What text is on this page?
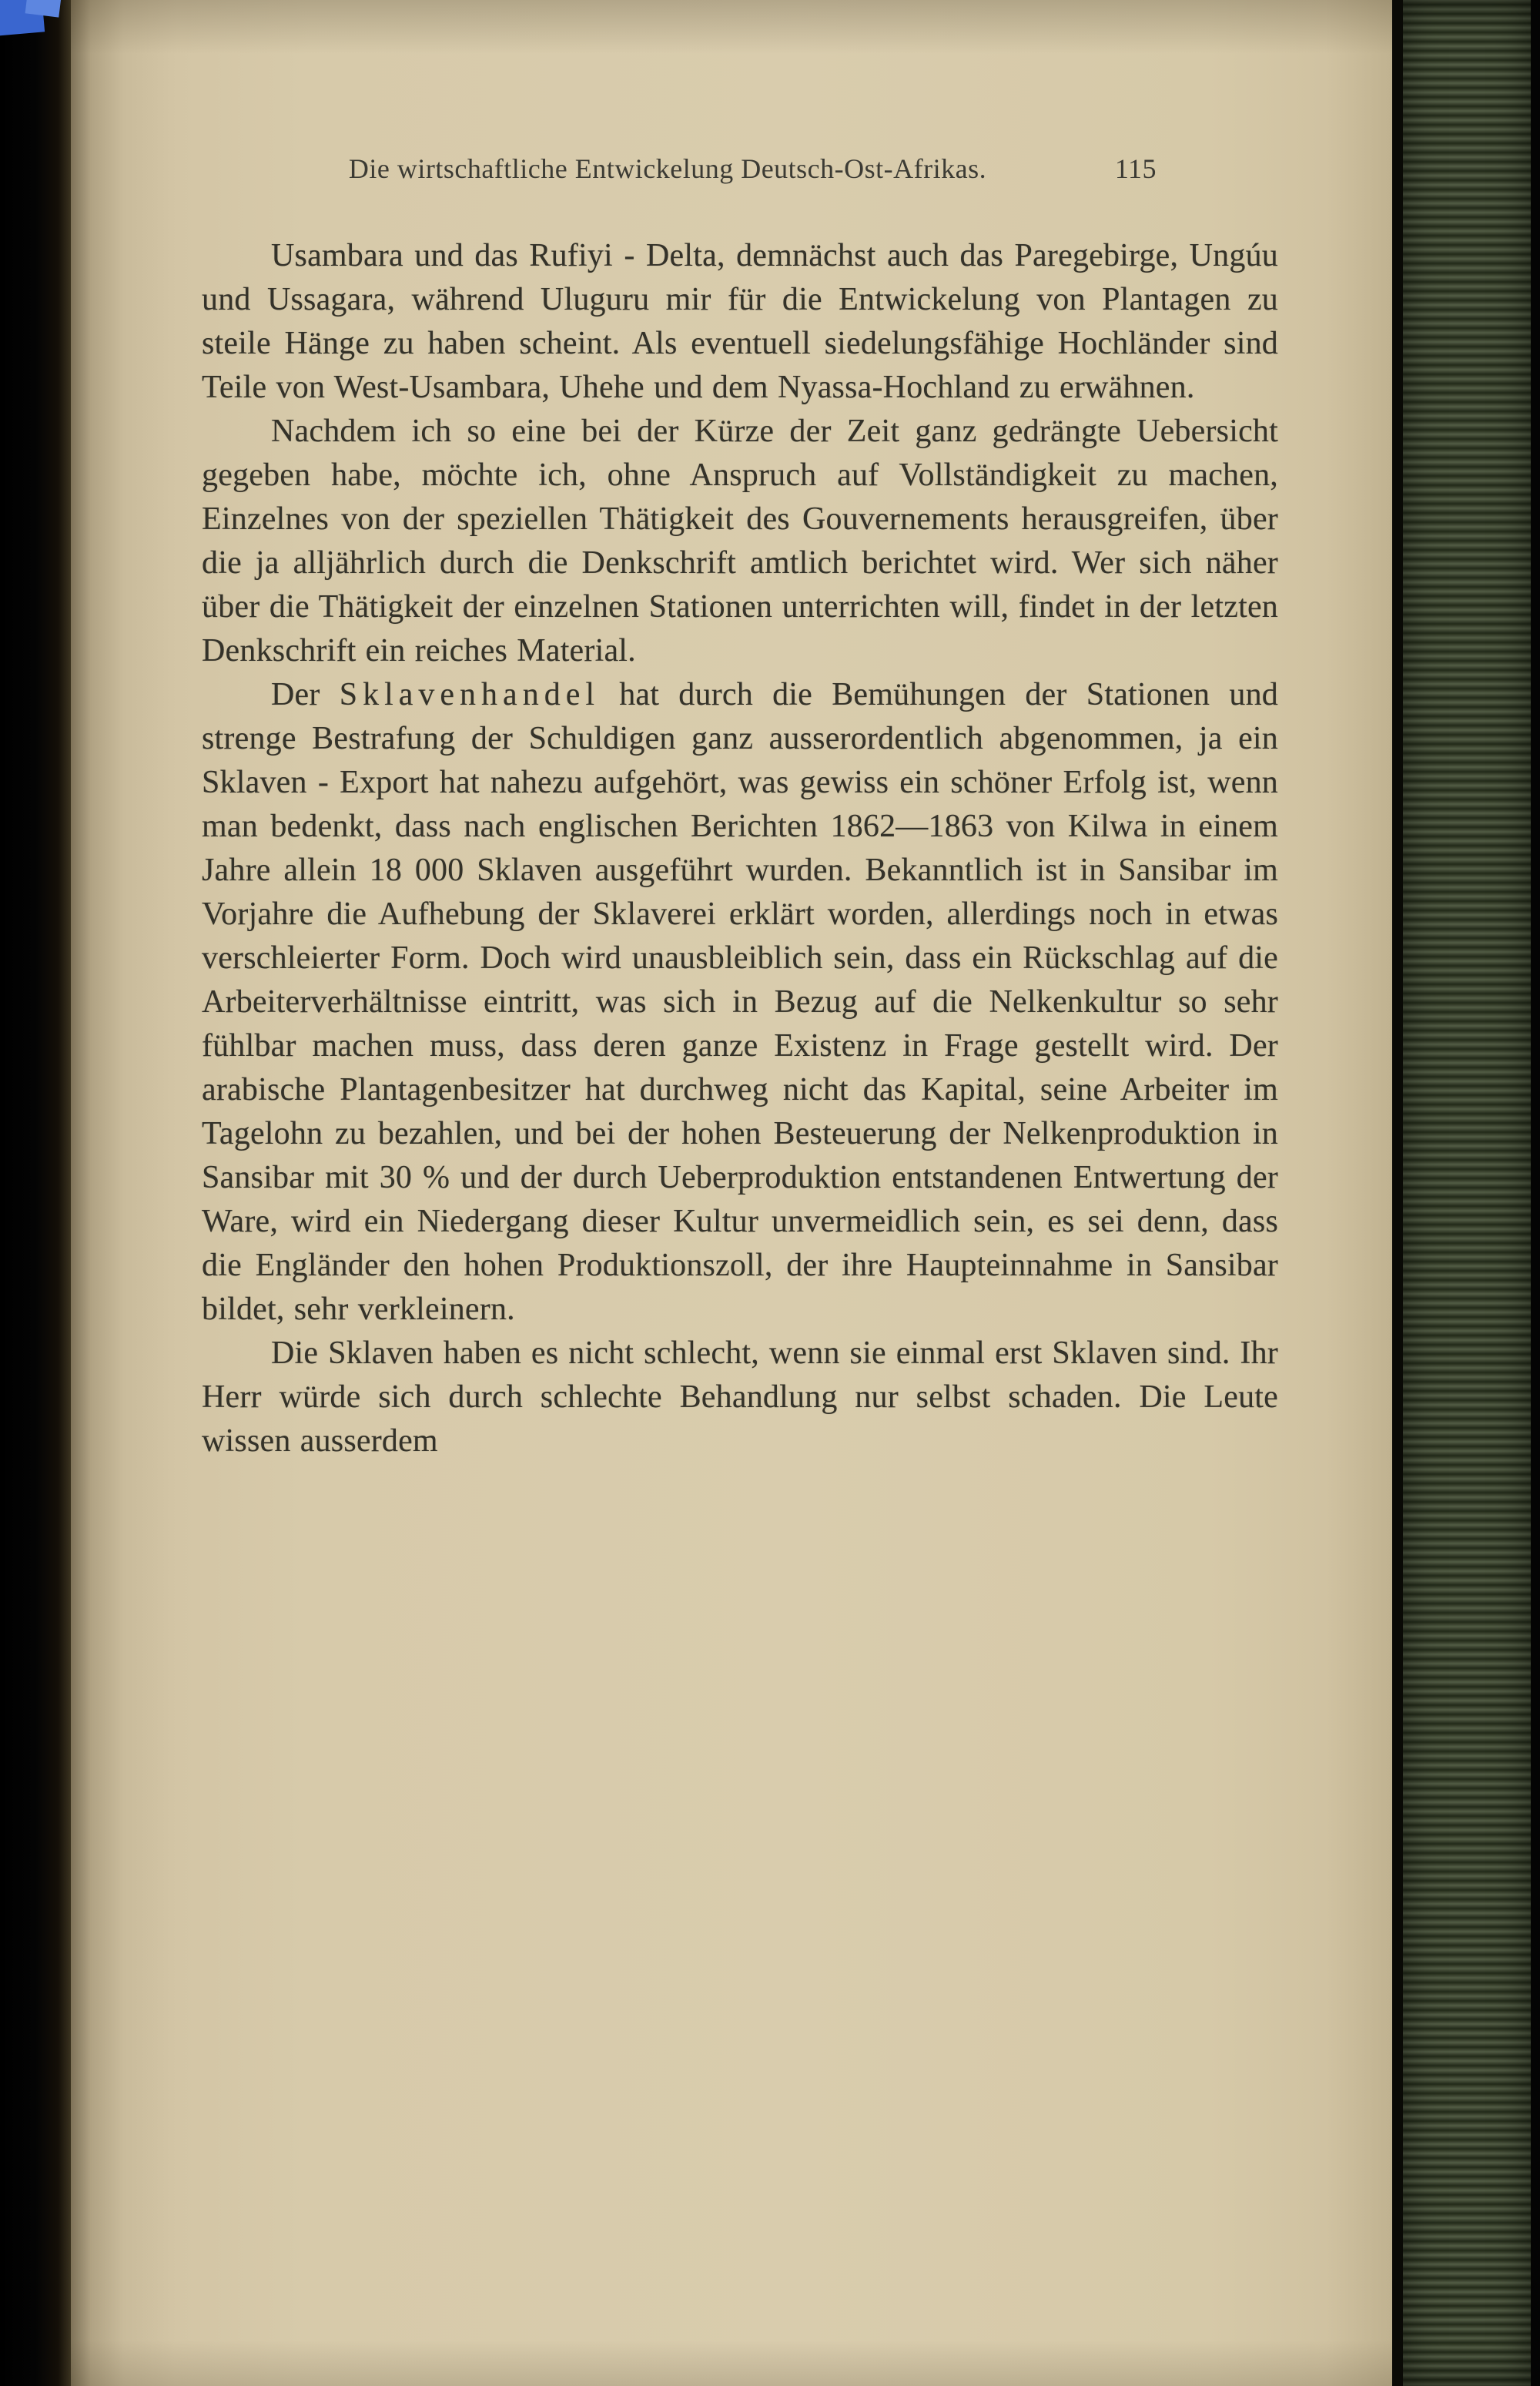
Die wirtschaftliche Entwickelung Deutsch-Ost-Afrikas.	115

Usambara und das Rufiyi - Delta, demnächst auch das Paregebirge, Ungúu und Ussagara, während Uluguru mir für die Entwickelung von Plantagen zu steile Hänge zu haben scheint. Als eventuell siedelungsfähige Hochländer sind Teile von West-Usambara, Uhehe und dem Nyassa-Hochland zu erwähnen.

Nachdem ich so eine bei der Kürze der Zeit ganz gedrängte Uebersicht gegeben habe, möchte ich, ohne Anspruch auf Vollständigkeit zu machen, Einzelnes von der speziellen Thätigkeit des Gouvernements herausgreifen, über die ja alljährlich durch die Denkschrift amtlich berichtet wird. Wer sich näher über die Thätigkeit der einzelnen Stationen unterrichten will, findet in der letzten Denkschrift ein reiches Material.

Der Sklavenhandel hat durch die Bemühungen der Stationen und strenge Bestrafung der Schuldigen ganz ausserordentlich abgenommen, ja ein Sklaven - Export hat nahezu aufgehört, was gewiss ein schöner Erfolg ist, wenn man bedenkt, dass nach englischen Berichten 1862—1863 von Kilwa in einem Jahre allein 18 000 Sklaven ausgeführt wurden. Bekanntlich ist in Sansibar im Vorjahre die Aufhebung der Sklaverei erklärt worden, allerdings noch in etwas verschleierter Form. Doch wird unausbleiblich sein, dass ein Rückschlag auf die Arbeiterverhältnisse eintritt, was sich in Bezug auf die Nelkenkultur so sehr fühlbar machen muss, dass deren ganze Existenz in Frage gestellt wird. Der arabische Plantagenbesitzer hat durchweg nicht das Kapital, seine Arbeiter im Tagelohn zu bezahlen, und bei der hohen Besteuerung der Nelkenproduktion in Sansibar mit 30 % und der durch Ueberproduktion entstandenen Entwertung der Ware, wird ein Niedergang dieser Kultur unvermeidlich sein, es sei denn, dass die Engländer den hohen Produktionszoll, der ihre Haupteinnahme in Sansibar bildet, sehr verkleinern.

Die Sklaven haben es nicht schlecht, wenn sie einmal erst Sklaven sind. Ihr Herr würde sich durch schlechte Behandlung nur selbst schaden. Die Leute wissen ausserdem
